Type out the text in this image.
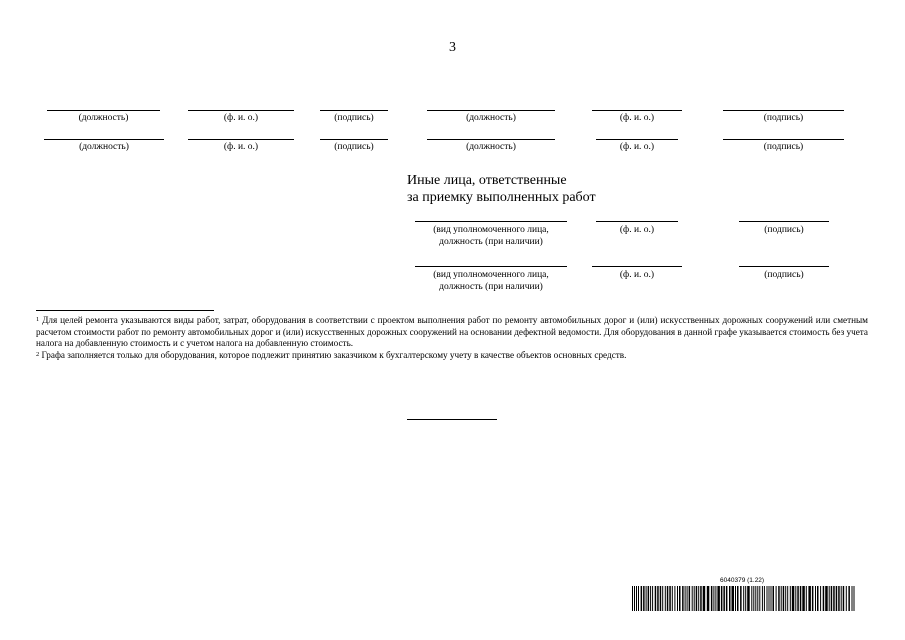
3
(должность)	(ф. и. о.)	(подпись)	(должность)	(ф. и. о.)	(подпись)
(должность)	(ф. и. о.)	(подпись)	(должность)	(ф. и. о.)	(подпись)
Иные лица, ответственные
за приемку выполненных работ
(вид уполномоченного лица,
должность (при наличии)
(ф. и. о.)	(подпись)
(вид уполномоченного лица,
должность (при наличии)
(ф. и. о.)	(подпись)

$^1$ Для целей ремонта указываются виды работ, затрат, оборудования в соответствии с проектом выполнения работ по ремонту автомобильных дорог и (или) искусственных дорожных сооружений или сметным расчетом стоимости работ по ремонту автомобильных дорог и (или) искусственных дорожных сооружений на основании дефектной ведомости. Для оборудования в данной графе указывается стоимость без учета налога на добавленную стоимость и с учетом налога на добавленную стоимость.

$^2$ Графа заполняется только для оборудования, которое подлежит принятию заказчиком к бухгалтерскому учету в качестве объектов основных средств.

6040379 (1.22)
